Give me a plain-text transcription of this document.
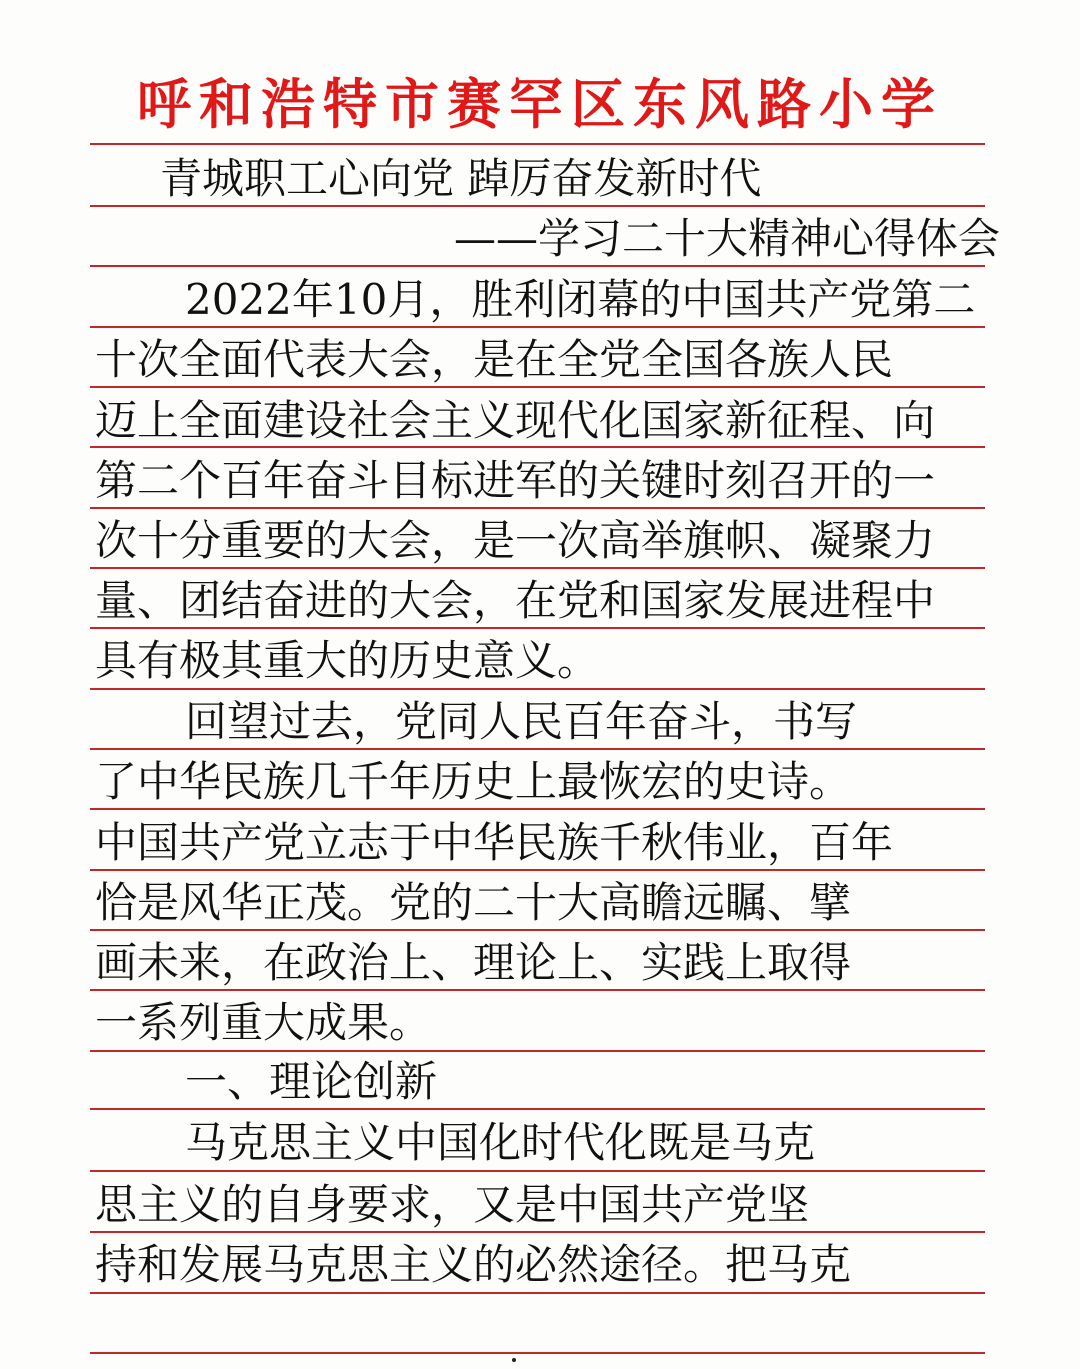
呼和浩特市赛罕区东风路小学
青城职工心向党 踔厉奋发新时代
——学习二十大精神心得体会
2022年10月，胜利闭幕的中国共产党第二
十次全面代表大会，是在全党全国各族人民
迈上全面建设社会主义现代化国家新征程、向
第二个百年奋斗目标进军的关键时刻召开的一
次十分重要的大会，是一次高举旗帜、凝聚力
量、团结奋进的大会，在党和国家发展进程中
具有极其重大的历史意义。
回望过去，党同人民百年奋斗，书写
了中华民族几千年历史上最恢宏的史诗。
中国共产党立志于中华民族千秋伟业，百年
恰是风华正茂。党的二十大高瞻远瞩、擘
画未来，在政治上、理论上、实践上取得
一系列重大成果。
一、理论创新
马克思主义中国化时代化既是马克
思主义的自身要求，又是中国共产党坚
持和发展马克思主义的必然途径。把马克
